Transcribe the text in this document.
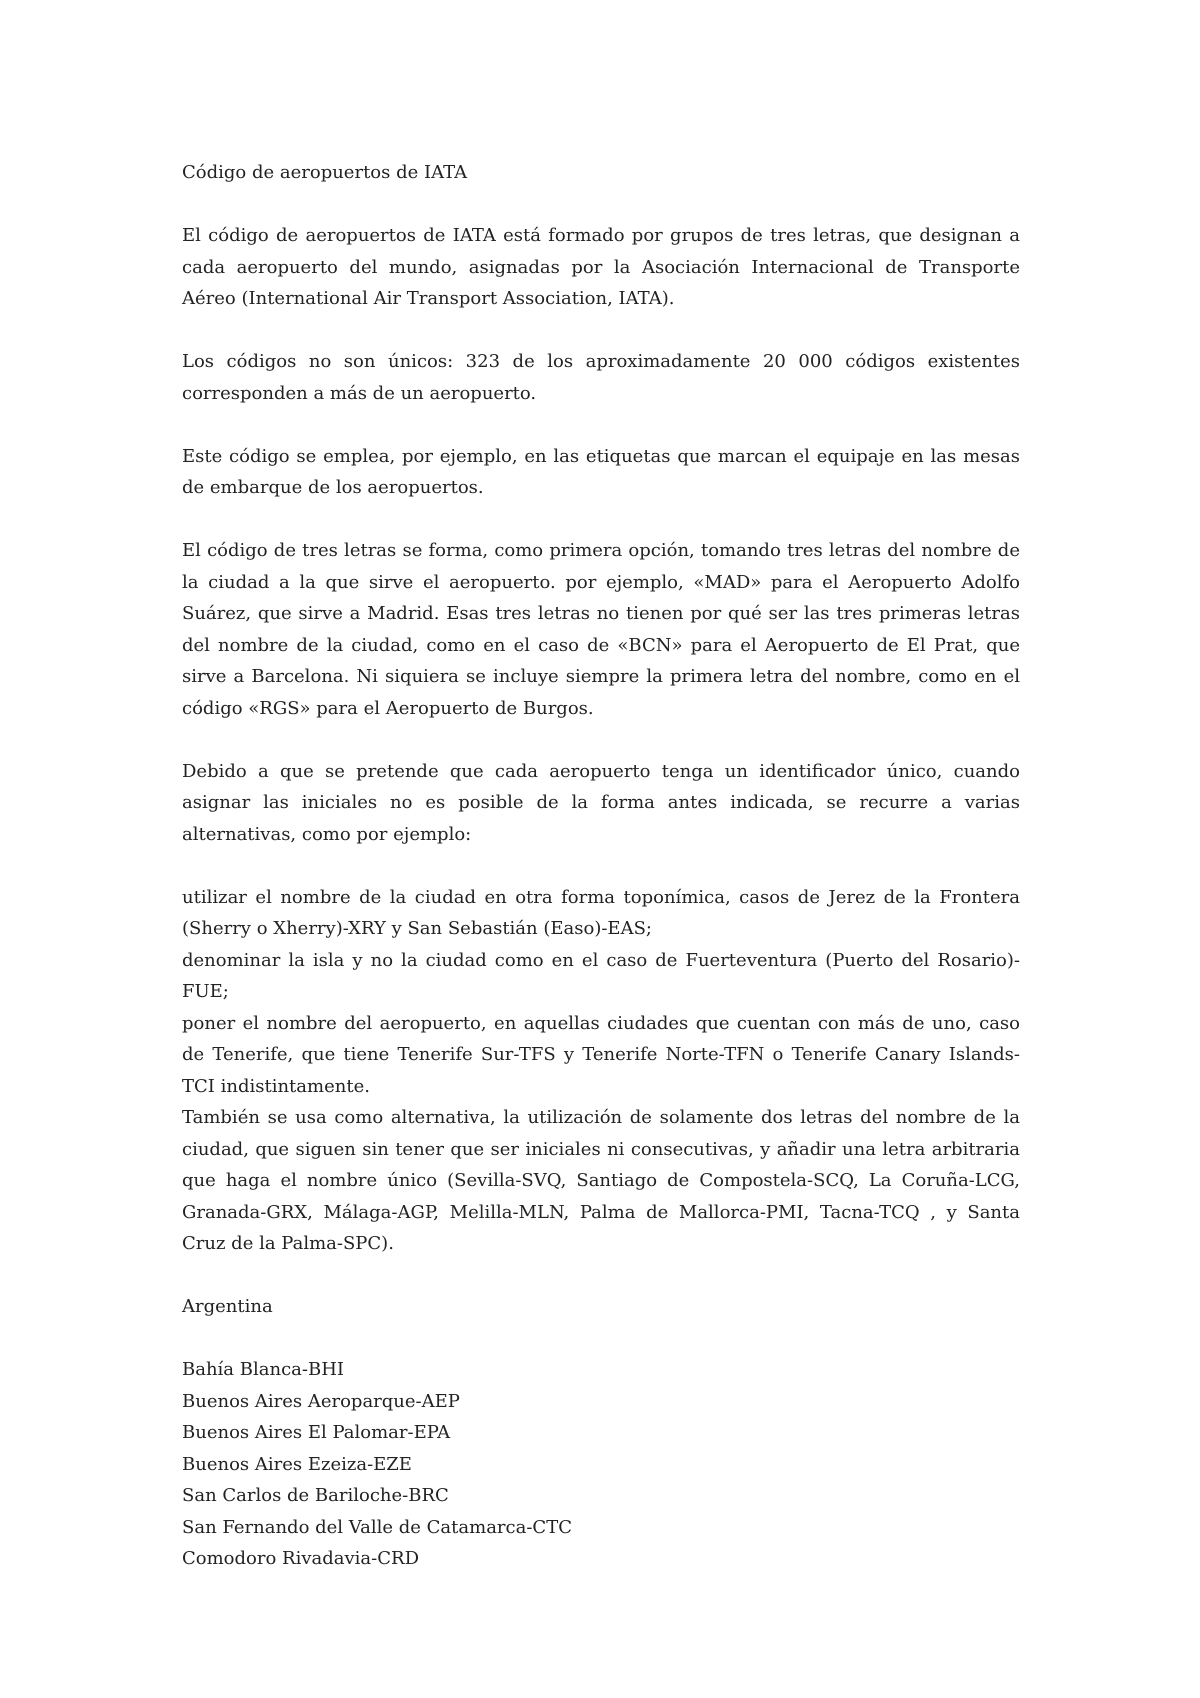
Código de aeropuertos de IATA

El código de aeropuertos de IATA está formado por grupos de tres letras, que designan a cada aeropuerto del mundo, asignadas por la Asociación Internacional de Transporte Aéreo (International Air Transport Association, IATA).

Los códigos no son únicos: 323 de los aproximadamente 20 000 códigos existentes corresponden a más de un aeropuerto.

Este código se emplea, por ejemplo, en las etiquetas que marcan el equipaje en las mesas de embarque de los aeropuertos.

El código de tres letras se forma, como primera opción, tomando tres letras del nombre de la ciudad a la que sirve el aeropuerto. por ejemplo, «MAD» para el Aeropuerto Adolfo Suárez, que sirve a Madrid. Esas tres letras no tienen por qué ser las tres primeras letras del nombre de la ciudad, como en el caso de «BCN» para el Aeropuerto de El Prat, que sirve a Barcelona. Ni siquiera se incluye siempre la primera letra del nombre, como en el código «RGS» para el Aeropuerto de Burgos.

Debido a que se pretende que cada aeropuerto tenga un identificador único, cuando asignar las iniciales no es posible de la forma antes indicada, se recurre a varias alternativas, como por ejemplo:

utilizar el nombre de la ciudad en otra forma toponímica, casos de Jerez de la Frontera (Sherry o Xherry)-XRY y San Sebastián (Easo)-EAS;

denominar la isla y no la ciudad como en el caso de Fuerteventura (Puerto del Rosario)-FUE;

poner el nombre del aeropuerto, en aquellas ciudades que cuentan con más de uno, caso de Tenerife, que tiene Tenerife Sur-TFS y Tenerife Norte-TFN o Tenerife Canary Islands-TCI indistintamente.

También se usa como alternativa, la utilización de solamente dos letras del nombre de la ciudad, que siguen sin tener que ser iniciales ni consecutivas, y añadir una letra arbitraria que haga el nombre único (Sevilla-SVQ, Santiago de Compostela-SCQ, La Coruña-LCG, Granada-GRX, Málaga-AGP, Melilla-MLN, Palma de Mallorca-PMI, Tacna-TCQ , y Santa Cruz de la Palma-SPC).

Argentina

Bahía Blanca-BHI

Buenos Aires Aeroparque-AEP

Buenos Aires El Palomar-EPA

Buenos Aires Ezeiza-EZE

San Carlos de Bariloche-BRC

San Fernando del Valle de Catamarca-CTC

Comodoro Rivadavia-CRD
